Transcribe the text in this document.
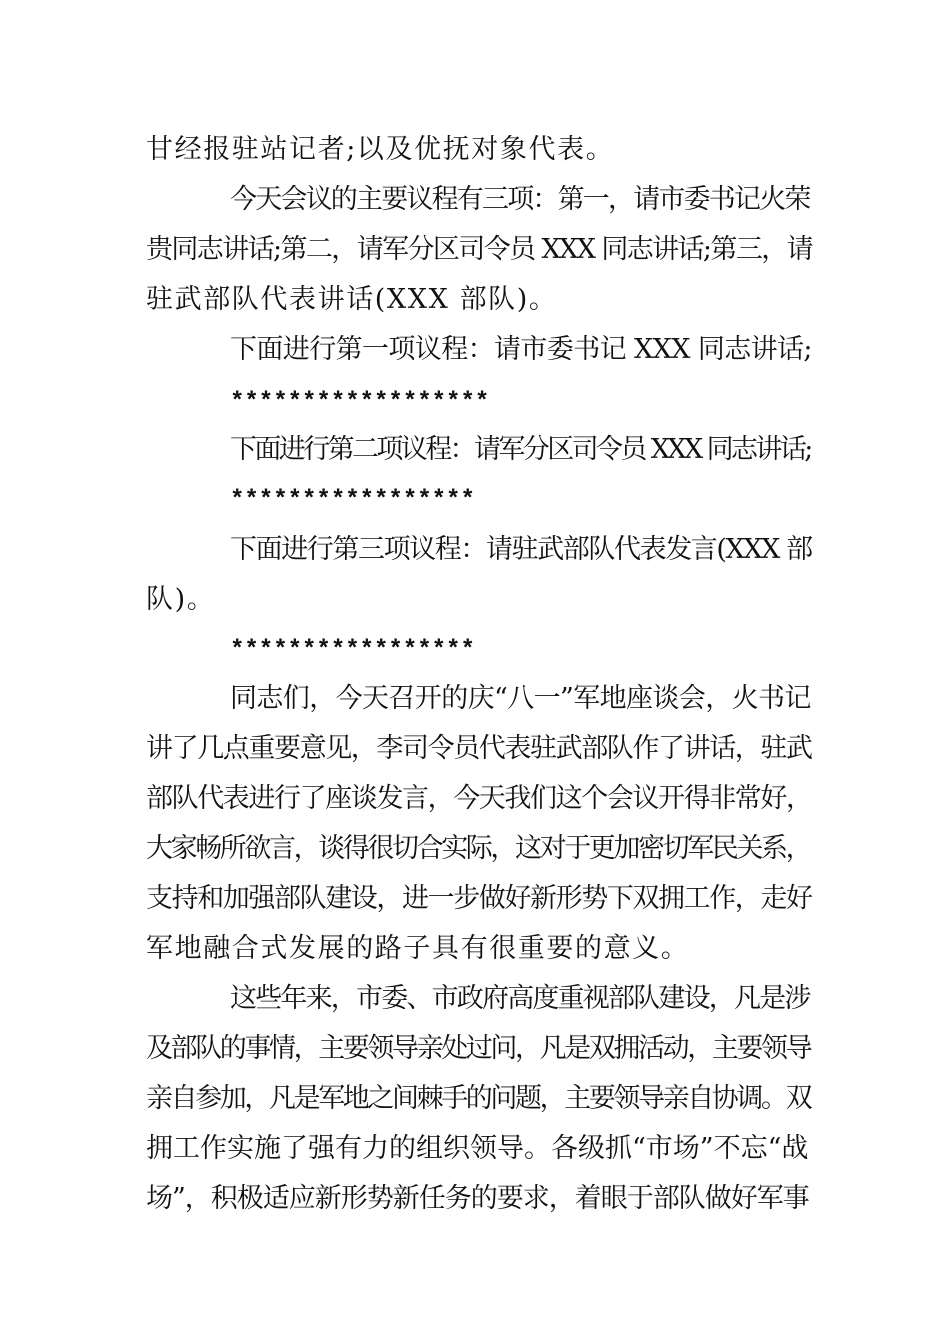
甘经报驻站记者;以及优抚对象代表。
今天会议的主要议程有三项：第一，请市委书记火荣
贵同志讲话;第二，请军分区司令员 XXX 同志讲话;第三，请
驻武部队代表讲话(XXX 部队)。
下面进行第一项议程：请市委书记 XXX 同志讲话;
******************
下面进行第二项议程：请军分区司令员 XXX 同志讲话;
*****************
下面进行第三项议程：请驻武部队代表发言(XXX 部
队)。
*****************
同志们，今天召开的庆“八一”军地座谈会，火书记
讲了几点重要意见，李司令员代表驻武部队作了讲话，驻武
部队代表进行了座谈发言，今天我们这个会议开得非常好，
大家畅所欲言，谈得很切合实际，这对于更加密切军民关系，
支持和加强部队建设，进一步做好新形势下双拥工作，走好
军地融合式发展的路子具有很重要的意义。
这些年来，市委、市政府高度重视部队建设，凡是涉
及部队的事情，主要领导亲处过问，凡是双拥活动，主要领导
亲自参加，凡是军地之间棘手的问题，主要领导亲自协调。双
拥工作实施了强有力的组织领导。各级抓“市场”不忘“战
场”，积极适应新形势新任务的要求，着眼于部队做好军事
